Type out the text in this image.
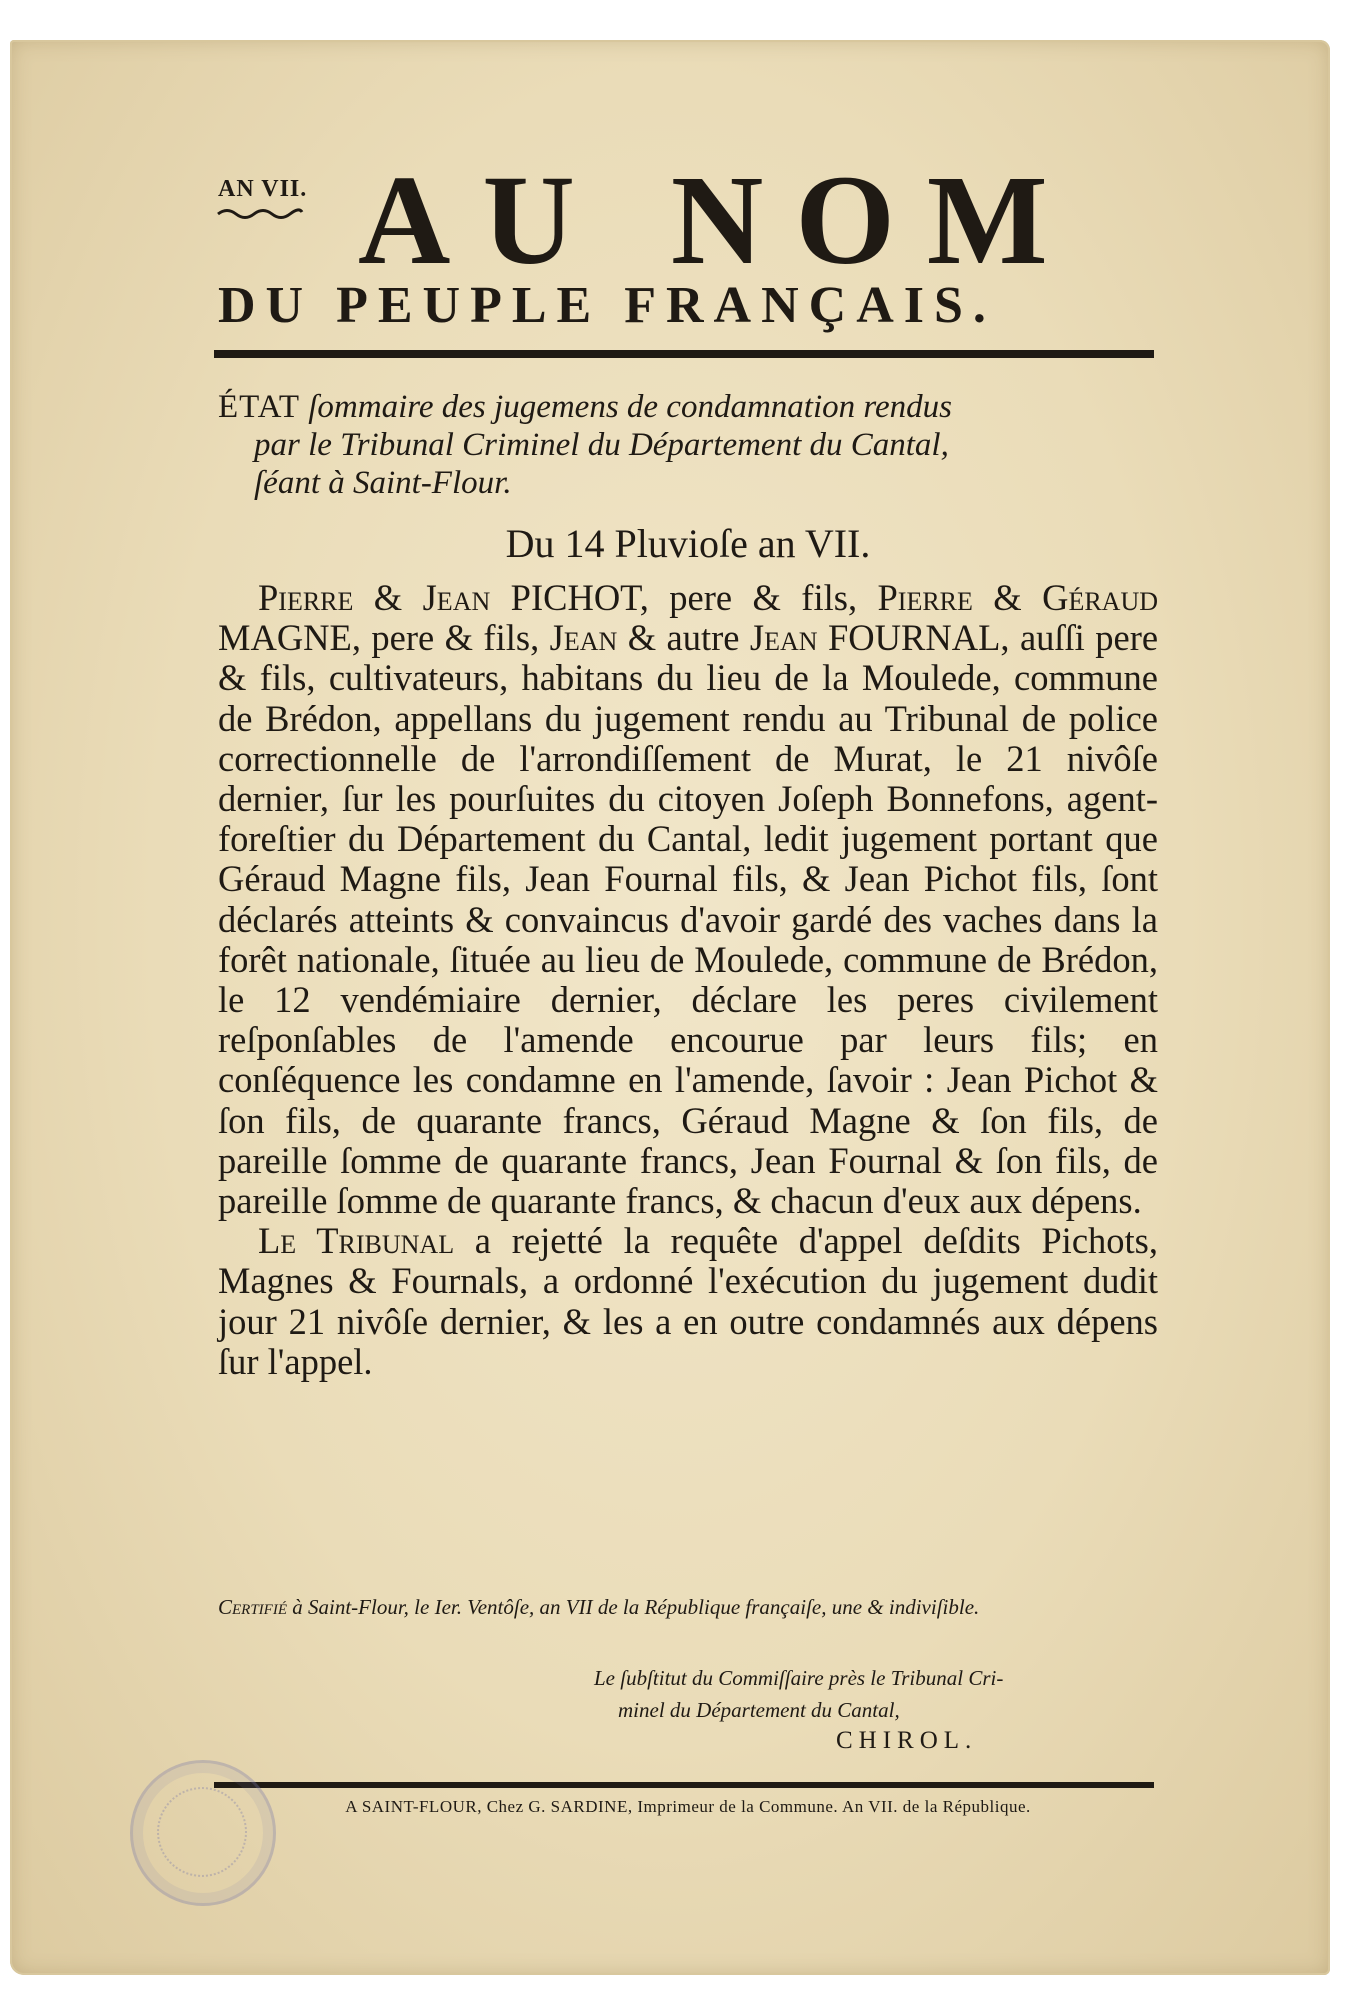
AN VII. AU NOM
DU PEUPLE FRANÇAIS.
ÉTAT ſommaire des jugemens de condamnation rendus
par le Tribunal Criminel du Département du Cantal,
ſéant à Saint-Flour.
Du 14 Pluvioſe an VII.

Pierre & Jean PICHOT, pere & fils, Pierre & Géraud MAGNE, pere & fils, Jean & autre Jean FOURNAL, auſſi pere & fils, cultivateurs, habitans du lieu de la Moulede, commune de Brédon, appellans du jugement rendu au Tribunal de police correctionnelle de l'arrondiſſement de Murat, le 21 nivôſe dernier, ſur les pourſuites du citoyen Joſeph Bonnefons, agent-foreſtier du Département du Cantal, ledit jugement portant que Géraud Magne fils, Jean Fournal fils, & Jean Pichot fils, ſont déclarés atteints & convaincus d'avoir gardé des vaches dans la forêt nationale, ſituée au lieu de Moulede, commune de Brédon, le 12 vendémiaire dernier, déclare les peres civilement reſponſables de l'amende encourue par leurs fils; en conſéquence les condamne en l'amende, ſavoir : Jean Pichot & ſon fils, de quarante francs, Géraud Magne & ſon fils, de pareille ſomme de quarante francs, Jean Fournal & ſon fils, de pareille ſomme de quarante francs, & chacun d'eux aux dépens.

Le Tribunal a rejetté la requête d'appel deſdits Pichots, Magnes & Fournals, a ordonné l'exécution du jugement dudit jour 21 nivôſe dernier, & les a en outre condamnés aux dépens ſur l'appel.

Certifié à Saint-Flour, le Ier. Ventôſe, an VII de la République françaiſe, une & indiviſible.
Le ſubſtitut du Commiſſaire près le Tribunal Cri-
minel du Département du Cantal,
CHIROL.
A SAINT-FLOUR, Chez G. SARDINE, Imprimeur de la Commune. An VII. de la République.
